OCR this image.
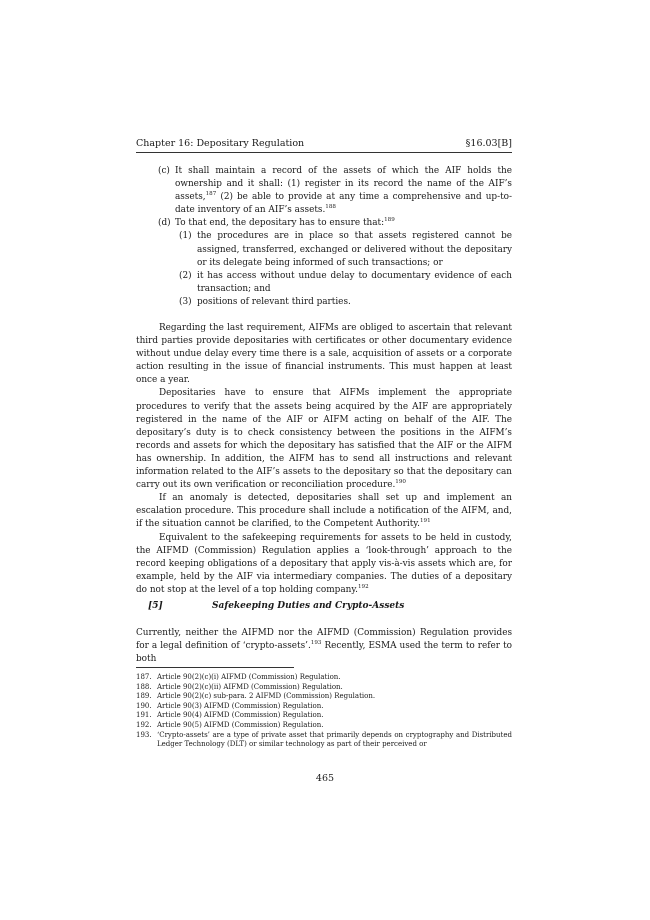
Chapter 16: Depositary Regulation	§16.03[B]
(c) It shall maintain a record of the assets of which the AIF holds the ownership and it shall: (1) register in its record the name of the AIF’s assets,$^{187}$ (2) be able to provide at any time a comprehensive and up-to-date inventory of an AIF’s assets.$^{188}$
(d) To that end, the depositary has to ensure that:$^{189}$
(1) the procedures are in place so that assets registered cannot be assigned, transferred, exchanged or delivered without the depositary or its delegate being informed of such transactions; or
(2) it has access without undue delay to documentary evidence of each transaction; and
(3) positions of relevant third parties.

Regarding the last requirement, AIFMs are obliged to ascertain that relevant third parties provide depositaries with certificates or other documentary evidence without undue delay every time there is a sale, acquisition of assets or a corporate action resulting in the issue of financial instruments. This must happen at least once a year.

Depositaries have to ensure that AIFMs implement the appropriate procedures to verify that the assets being acquired by the AIF are appropriately registered in the name of the AIF or AIFM acting on behalf of the AIF. The depositary’s duty is to check consistency between the positions in the AIFM’s records and assets for which the depositary has satisfied that the AIF or the AIFM has ownership. In addition, the AIFM has to send all instructions and relevant information related to the AIF’s assets to the depositary so that the depositary can carry out its own verification or reconciliation procedure.$^{190}$

If an anomaly is detected, depositaries shall set up and implement an escalation procedure. This procedure shall include a notification of the AIFM, and, if the situation cannot be clarified, to the Competent Authority.$^{191}$

Equivalent to the safekeeping requirements for assets to be held in custody, the AIFMD (Commission) Regulation applies a ‘look-through’ approach to the record keeping obligations of a depositary that apply vis-à-vis assets which are, for example, held by the AIF via intermediary companies. The duties of a depositary do not stop at the level of a top holding company.$^{192}$

[5]	Safekeeping Duties and Crypto-Assets

Currently, neither the AIFMD nor the AIFMD (Commission) Regulation provides for a legal definition of ‘crypto-assets’.$^{193}$ Recently, ESMA used the term to refer to both

187. Article 90(2)(c)(i) AIFMD (Commission) Regulation.
188. Article 90(2)(c)(ii) AIFMD (Commission) Regulation.
189. Article 90(2)(c) sub-para. 2 AIFMD (Commission) Regulation.
190. Article 90(3) AIFMD (Commission) Regulation.
191. Article 90(4) AIFMD (Commission) Regulation.
192. Article 90(5) AIFMD (Commission) Regulation.
193. ‘Crypto-assets’ are a type of private asset that primarily depends on cryptography and Distributed Ledger Technology (DLT) or similar technology as part of their perceived or
465
